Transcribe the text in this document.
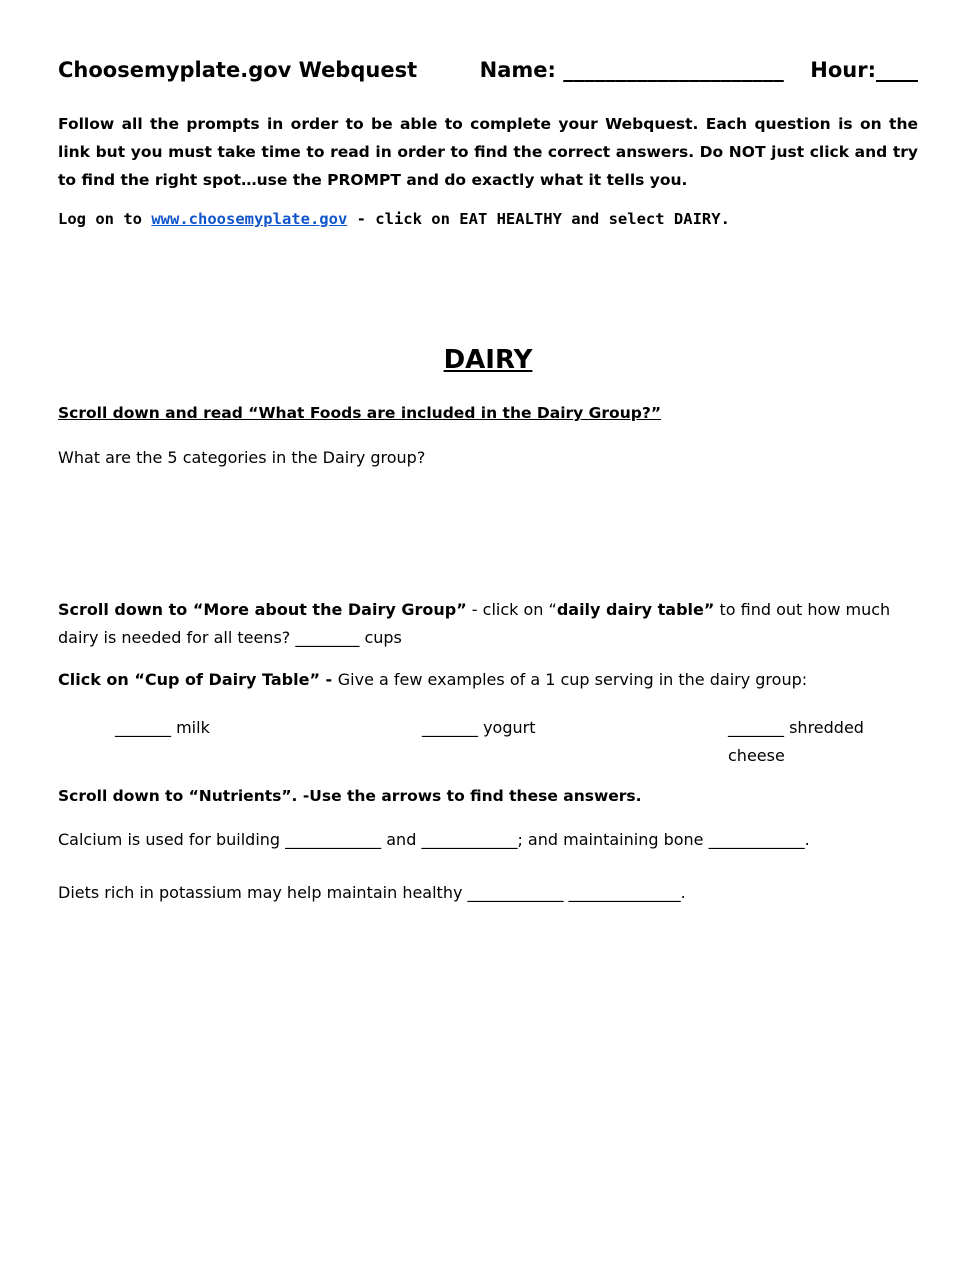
Choosemyplate.gov Webquest	Name: _____________________ Hour:____
Follow all the prompts in order to be able to complete your Webquest. Each question is on the link but you must take time to read in order to find the correct answers. Do NOT just click and try to find the right spot…use the PROMPT and do exactly what it tells you.
Log on to www.choosemyplate.gov - click on EAT HEALTHY and select DAIRY.
DAIRY
Scroll down and read “What Foods are included in the Dairy Group?”
What are the 5 categories in the Dairy group?
Scroll down to “More about the Dairy Group” - click on “daily dairy table” to find out how much dairy is needed for all teens? ________ cups
Click on “Cup of Dairy Table” - Give a few examples of a 1 cup serving in the dairy group:
_______ milk	_______ yogurt	_______ shredded cheese
Scroll down to “Nutrients”. -Use the arrows to find these answers.
Calcium is used for building ____________ and ____________; and maintaining bone ____________.
Diets rich in potassium may help maintain healthy ____________ ______________.
